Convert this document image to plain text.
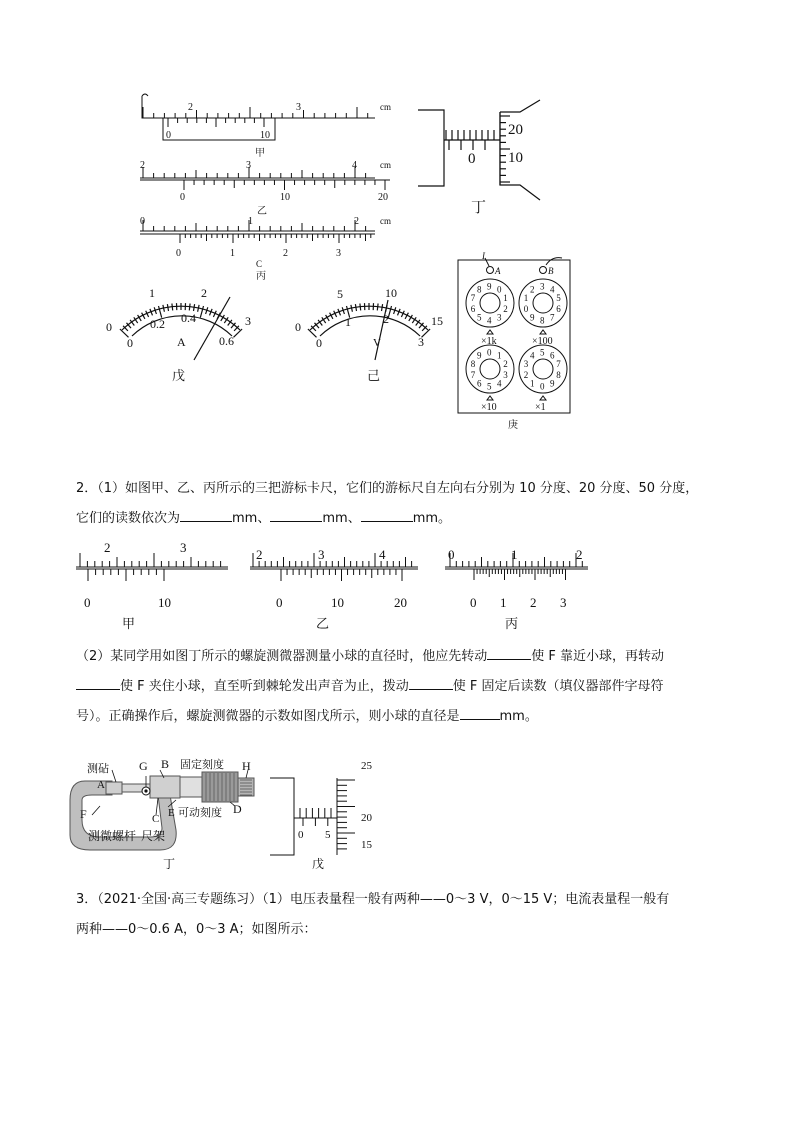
2	3	cm
0	10
甲
2	3	4	cm
0	10	20
乙
0	1	2 cm
0	1	2	3
C
丙
20
10
0
丁
0
1	2
3
0
0.2 0.4
0.6
A
戊
0
5	10
15
0
1	2
3
V
己
9 0
1
2
3
4
5
6
7
8	3 4
5
6
7
8
9
0
1
2
0 1
2
3
4
5
6
7
8
9	5 6
7
8
9
0
1
2
3
4
I
A	B
×1k	×100
×10	×1
庚
2	3
0	10
甲
2	3	4
0	10	20
乙
0	1	2
0 1 2 3
丙
测砧
A
G B 固定刻度 H
F	E 可动刻度 D
C
测微螺杆 尺架
丁
25
20
15
0 5
戊
2．（1）如图甲、乙、丙所示的三把游标卡尺，它们的游标尺自左向右分别为 10 分度、20 分度、50 分度，
它们的读数依次为	mm、	mm、	mm。
（2）某同学用如图丁所示的螺旋测微器测量小球的直径时，他应先转动	使 F 靠近小球，再转动
使 F 夹住小球，直至听到棘轮发出声音为止，拨动	使 F 固定后读数（填仪器部件字母符
号）。正确操作后，螺旋测微器的示数如图戊所示，则小球的直径是	mm。
3．（2021·全国·高三专题练习）（1）电压表量程一般有两种——0～3 V，0～15 V；电流表量程一般有
两种——0～0.6 A，0～3 A；如图所示：
